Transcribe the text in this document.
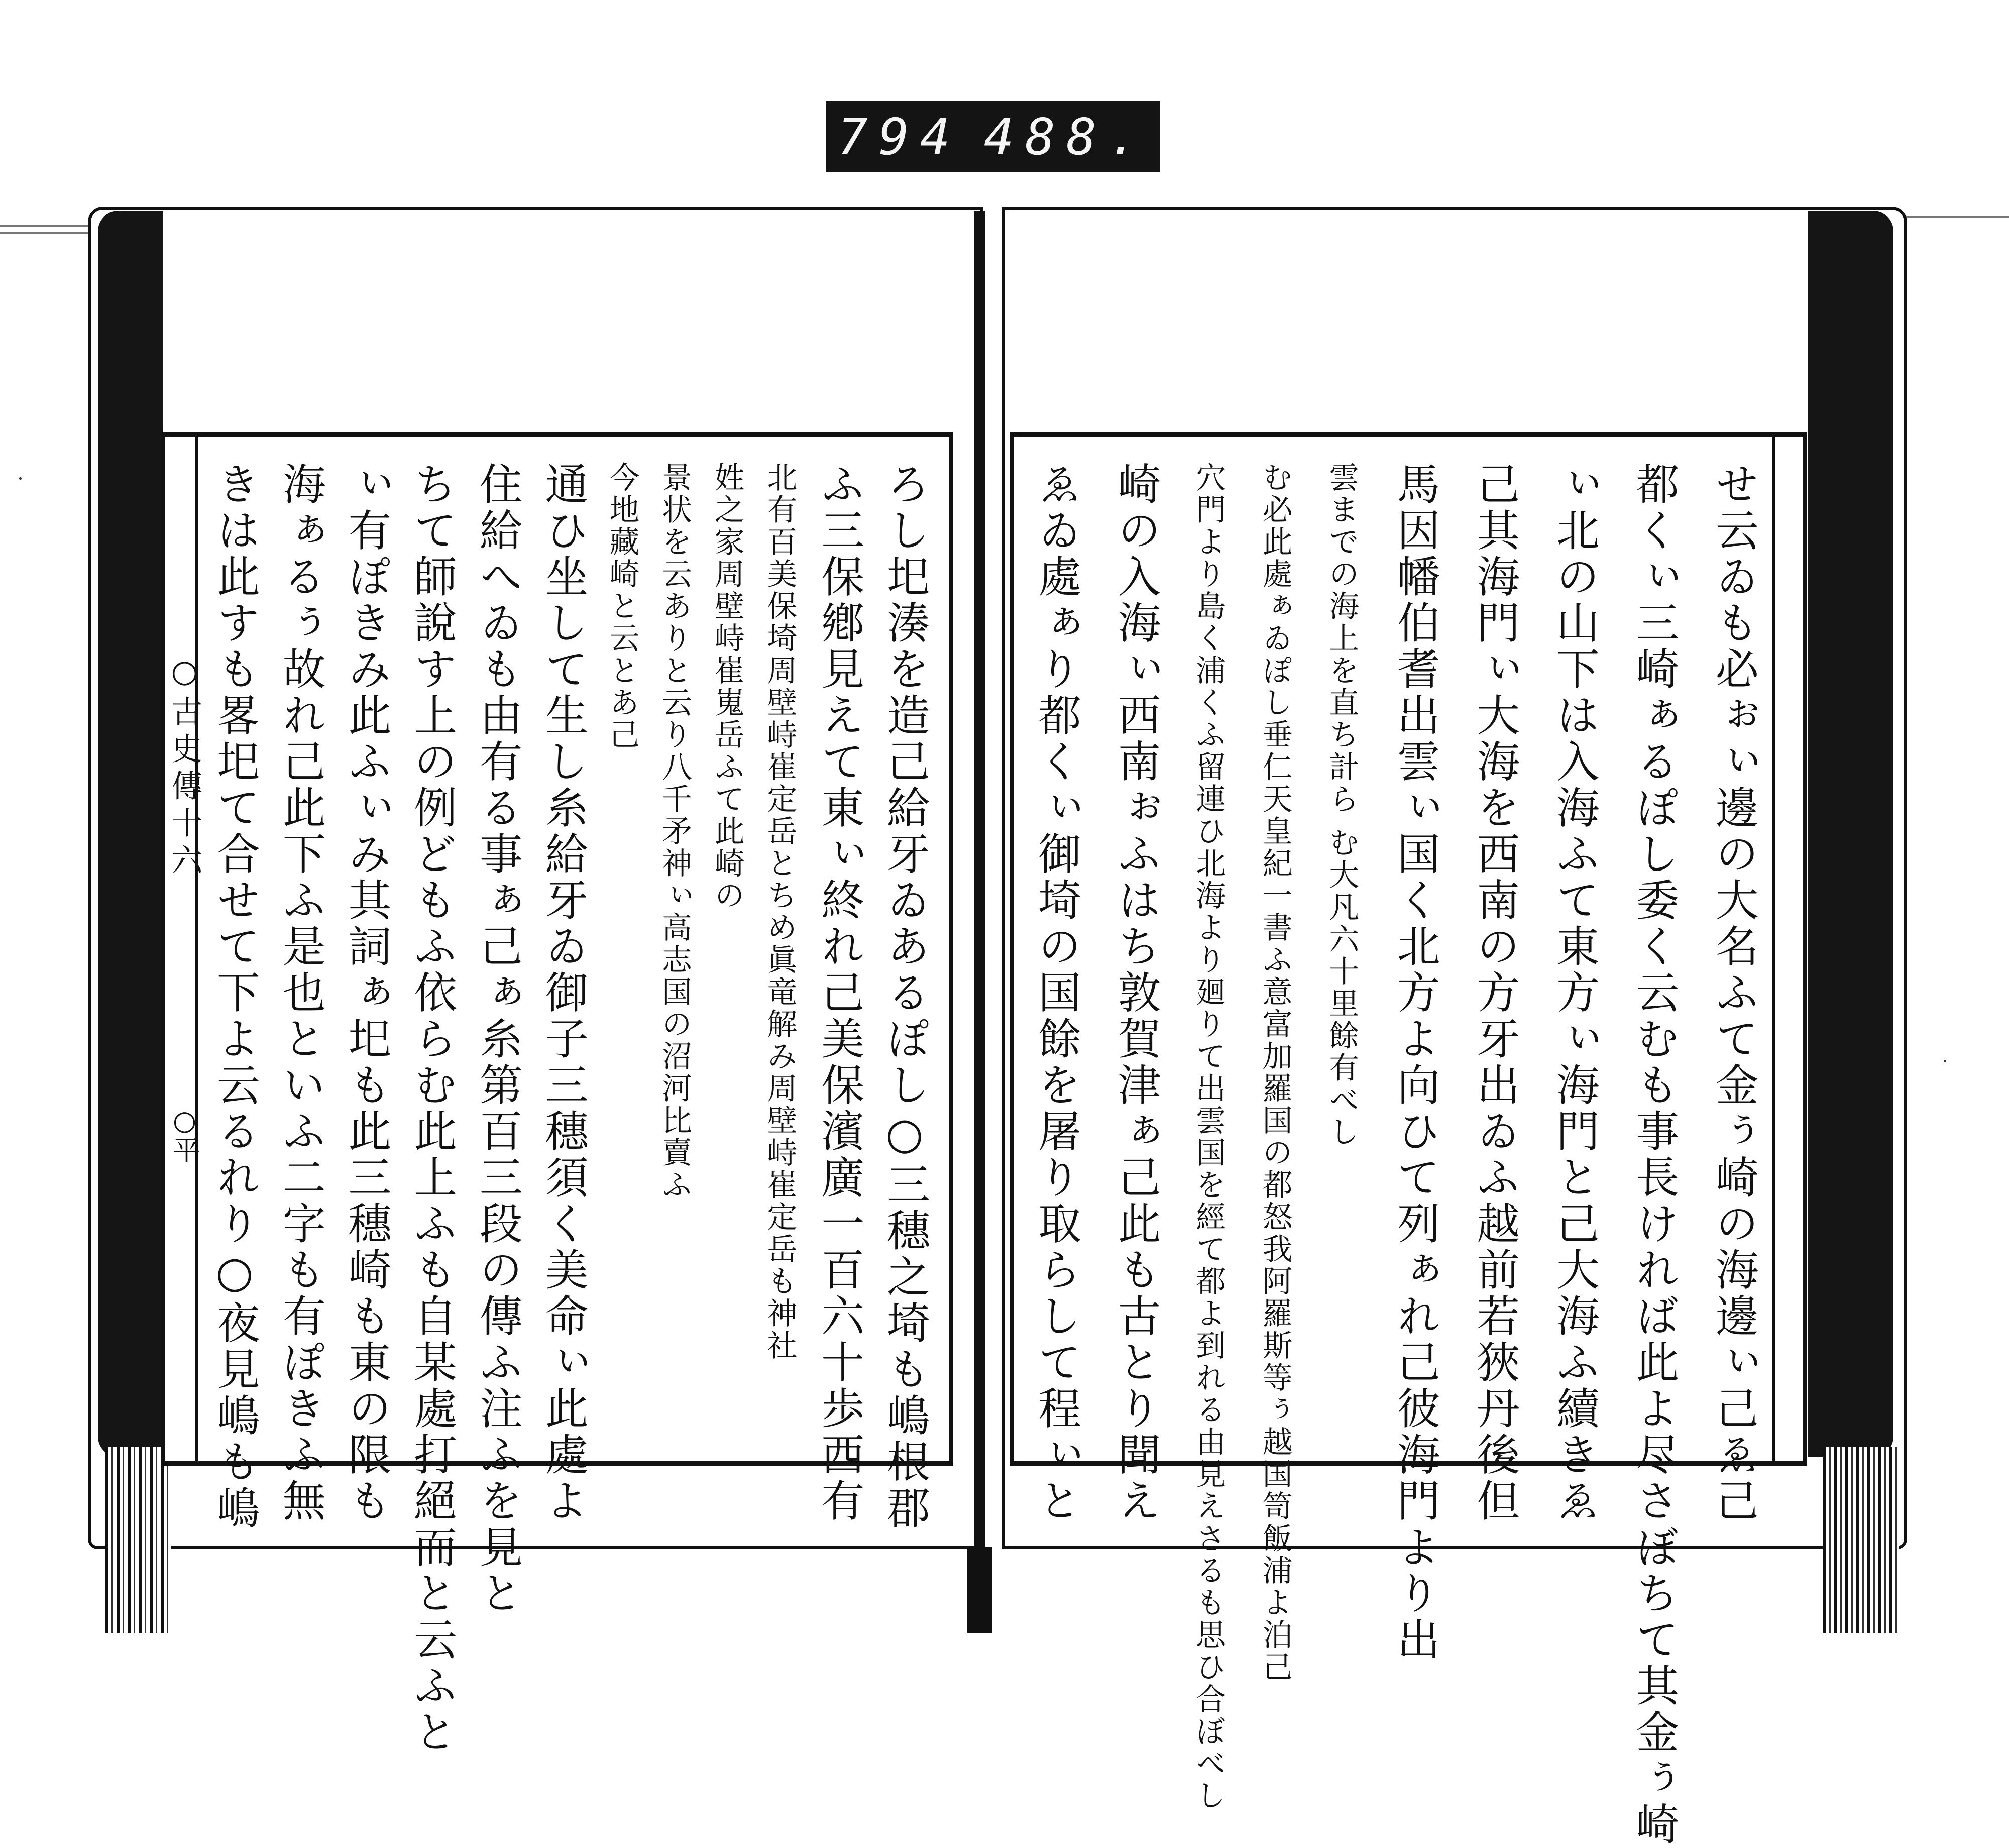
794 488.
○古史傳十六
○平	ろし圯湊を造己給牙ゐあるぽし○三穗之埼も嶋根郡
ふ三保鄕見えて東ぃ終れ己美保濱廣一百六十歩西有
北有百美保埼周壁峙崔定岳とちめ眞竜解み周壁峙崔定岳も神社
姓之家周壁峙崔嵬岳ふて此崎の
景状を云ありと云り八千矛神ぃ高志国の沼河比賣ふ
今地藏崎と云とあ己
通ひ坐して生し糸給牙ゐ御子三穗須く美命ぃ此處よ
住給へゐも由有る事ぁ己ぁ糸第百三段の傳ふ注ふを見と
ちて師說す上の例どもふ依らむ此上ふも自某處打絕而と云ふと
ぃ有ぽきみ此ふぃみ其詞ぁ圯も此三穗崎も東の限も
海ぁるぅ故れ己此下ふ是也といふ二字も有ぽきふ無
きは此すも畧圯て合せて下よ云るれり○夜見嶋も嶋	せ云ゐも必ぉぃ邊の大名ふて金ぅ崎の海邊ぃ己ゑ己
都くぃ三崎ぁるぽし委く云むも事長ければ此よ尽さぼちて其金ぅ崎
ぃ北の山下は入海ふて東方ぃ海門と己大海ふ續きゑ
己其海門ぃ大海を西南の方牙出ゐふ越前若狹丹後但
馬因幡伯耆出雲ぃ国く北方よ向ひて列ぁれ己彼海門より出
雲までの海上を直ち計ら む大凡六十里餘有べし
む必此處ぁゐぽし垂仁天皇紀一書ふ意富加羅国の都怒我阿羅斯等ぅ越国笥飯浦よ泊己
穴門より島く浦くふ留連ひ北海より廻りて出雲国を經て都よ到れる由見えさるも思ひ合ぼべし
崎の入海ぃ西南ぉふはち敦賀津ぁ己此も古とり聞え
ゑゐ處ぁり都くぃ御埼の国餘を屠り取らして程ぃと
